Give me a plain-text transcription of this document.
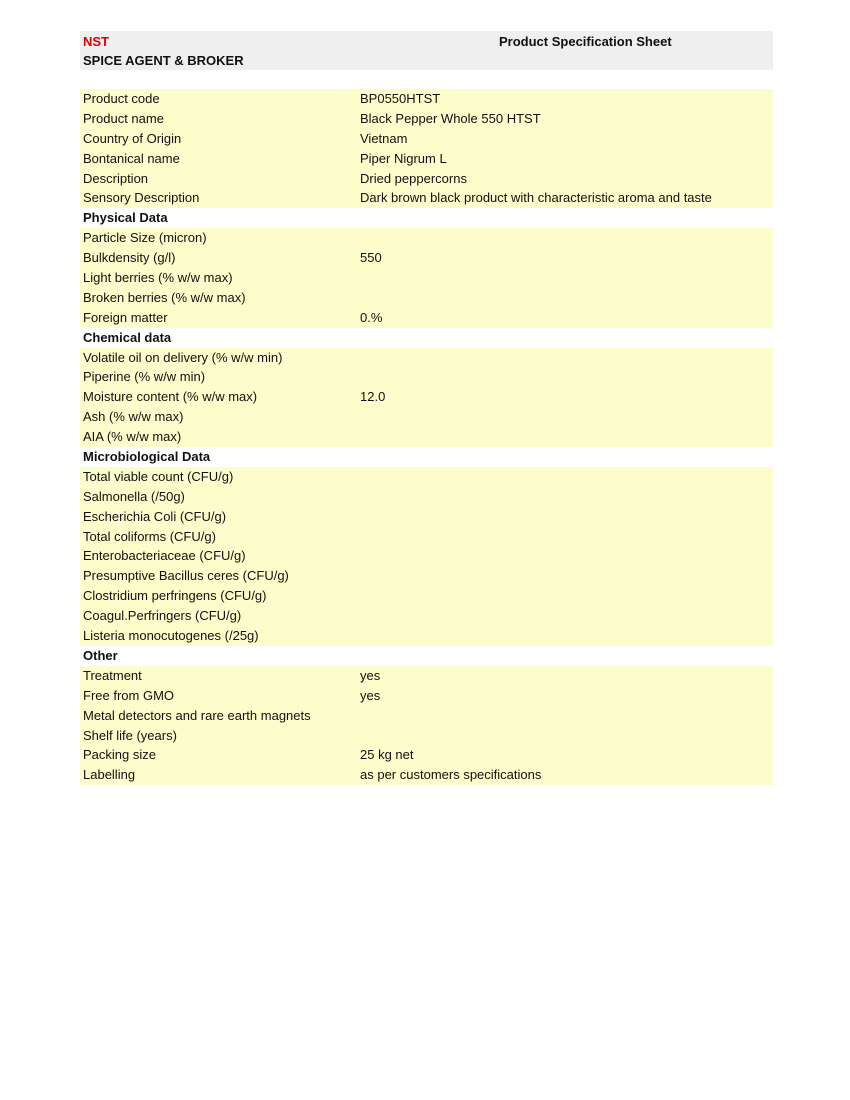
NST
SPICE AGENT & BROKER
Product Specification Sheet
Product code	BP0550HTST
Product name	Black Pepper Whole 550 HTST
Country of Origin	Vietnam
Bontanical name	Piper Nigrum L
Description	Dried peppercorns
Sensory Description	Dark brown black product with characteristic aroma and taste
Physical Data
Particle Size (micron)
Bulkdensity (g/l)	550
Light berries (% w/w max)
Broken berries (% w/w max)
Foreign matter	0.%
Chemical data
Volatile oil on delivery (% w/w min)
Piperine (% w/w min)
Moisture content (% w/w max)	12.0
Ash (% w/w max)
AIA (% w/w max)
Microbiological Data
Total viable count (CFU/g)
Salmonella (/50g)
Escherichia Coli (CFU/g)
Total coliforms (CFU/g)
Enterobacteriaceae (CFU/g)
Presumptive Bacillus ceres (CFU/g)
Clostridium perfringens (CFU/g)
Coagul.Perfringers (CFU/g)
Listeria monocutogenes (/25g)
Other
Treatment	yes
Free from GMO	yes
Metal detectors and rare earth magnets
Shelf life (years)
Packing size	25 kg net
Labelling	as per customers specifications
